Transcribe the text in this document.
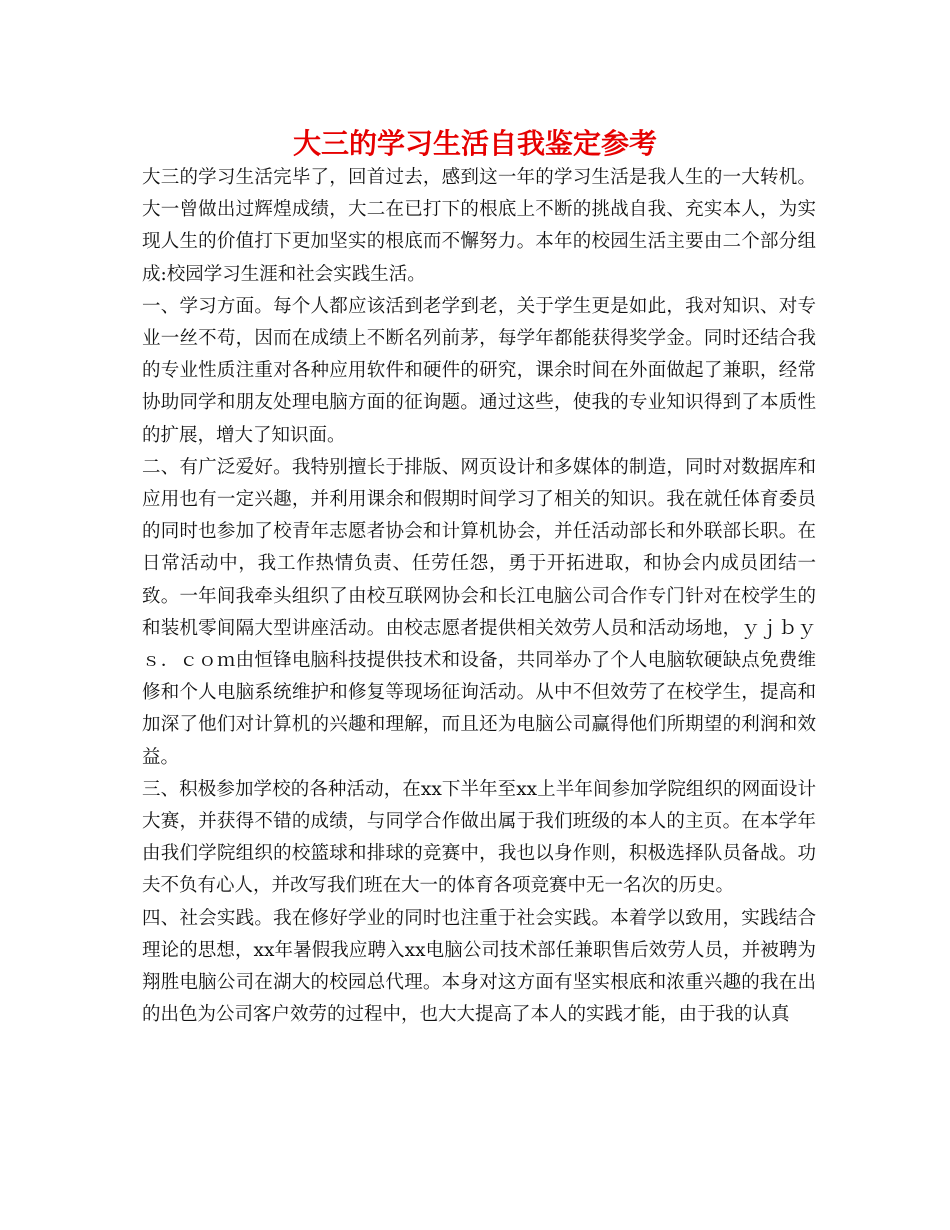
大三的学习生活自我鉴定参考

大三的学习生活完毕了，回首过去，感到这一年的学习生活是我人生的一大转机。大一曾做出过辉煌成绩，大二在已打下的根底上不断的挑战自我、充实本人，为实现人生的价值打下更加坚实的根底而不懈努力。本年的校园生活主要由二个部分组成:校园学习生涯和社会实践生活。

一、学习方面。每个人都应该活到老学到老，关于学生更是如此，我对知识、对专业一丝不苟，因而在成绩上不断名列前茅，每学年都能获得奖学金。同时还结合我的专业性质注重对各种应用软件和硬件的研究，课余时间在外面做起了兼职，经常协助同学和朋友处理电脑方面的征询题。通过这些，使我的专业知识得到了本质性的扩展，增大了知识面。

二、有广泛爱好。我特别擅长于排版、网页设计和多媒体的制造，同时对数据库和应用也有一定兴趣，并利用课余和假期时间学习了相关的知识。我在就任体育委员的同时也参加了校青年志愿者协会和计算机协会，并任活动部长和外联部长职。在日常活动中，我工作热情负责、任劳任怨，勇于开拓进取，和协会内成员团结一致。一年间我牵头组织了由校互联网协会和长江电脑公司合作专门针对在校学生的和装机零间隔大型讲座活动。由校志愿者提供相关效劳人员和活动场地，ｙｊｂｙｓ．ｃｏｍ由恒锋电脑科技提供技术和设备，共同举办了个人电脑软硬缺点免费维修和个人电脑系统维护和修复等现场征询活动。从中不但效劳了在校学生，提高和加深了他们对计算机的兴趣和理解，而且还为电脑公司赢得他们所期望的利润和效益。

三、积极参加学校的各种活动，在xx下半年至xx上半年间参加学院组织的网面设计大赛，并获得不错的成绩，与同学合作做出属于我们班级的本人的主页。在本学年由我们学院组织的校篮球和排球的竞赛中，我也以身作则，积极选择队员备战。功夫不负有心人，并改写我们班在大一的体育各项竞赛中无一名次的历史。

四、社会实践。我在修好学业的同时也注重于社会实践。本着学以致用，实践结合理论的思想，xx年暑假我应聘入xx电脑公司技术部任兼职售后效劳人员，并被聘为翔胜电脑公司在湖大的校园总代理。本身对这方面有坚实根底和浓重兴趣的我在出的出色为公司客户效劳的过程中，也大大提高了本人的实践才能，由于我的认真
